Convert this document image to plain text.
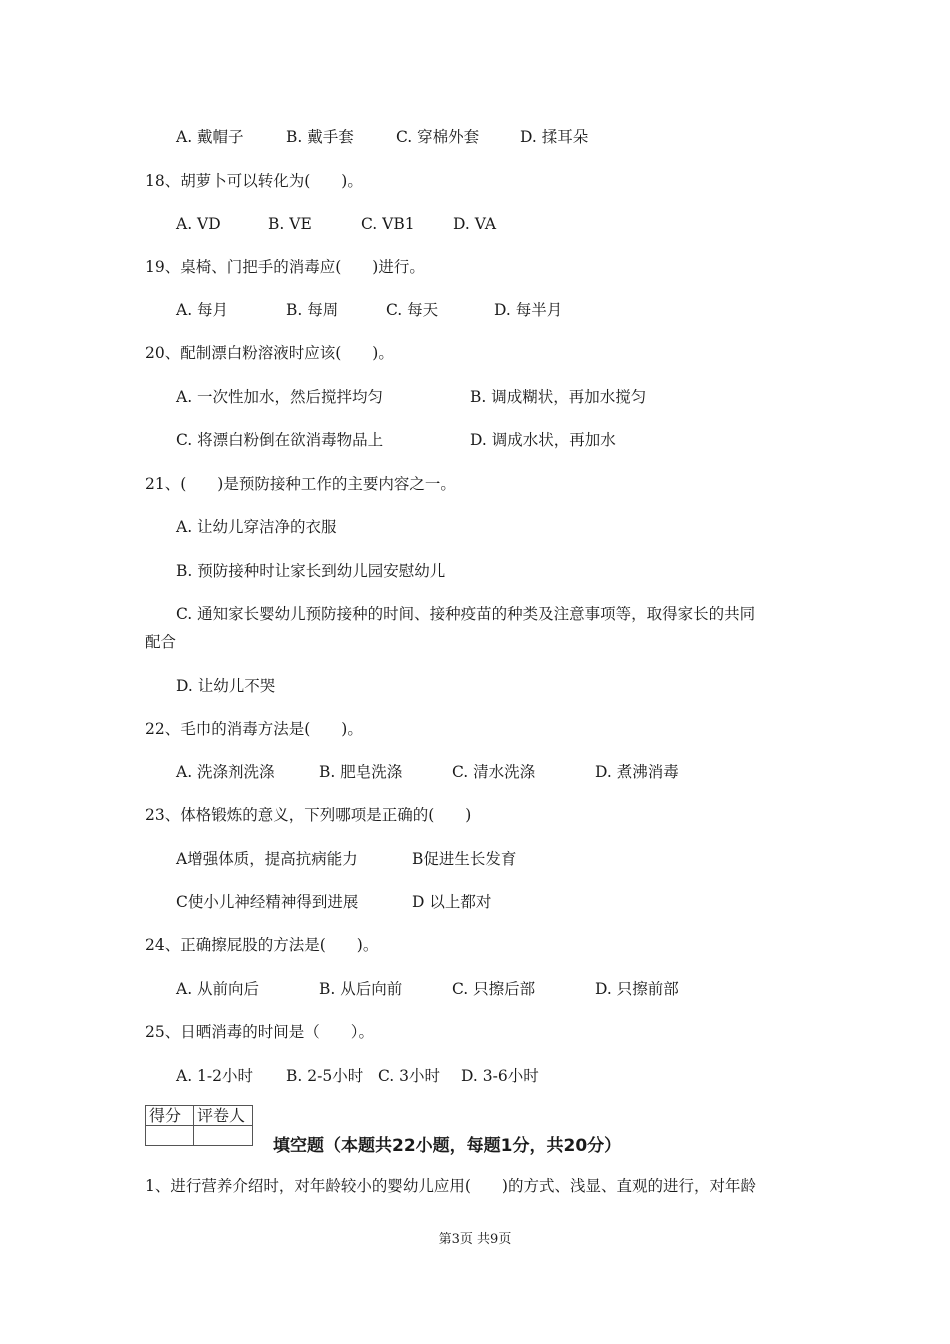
A. 戴帽子	B. 戴手套	C. 穿棉外套	D. 揉耳朵
18、胡萝卜可以转化为(　　)。
A. VD	B. VE	C. VB1 D. VA
19、桌椅、门把手的消毒应(　　)进行。
A. 每月	B. 每周	C. 每天	D. 每半月
20、配制漂白粉溶液时应该(　　)。
A. 一次性加水，然后搅拌均匀	B. 调成糊状，再加水搅匀
C. 将漂白粉倒在欲消毒物品上	D. 调成水状，再加水
21、(　　)是预防接种工作的主要内容之一。
A. 让幼儿穿洁净的衣服
B. 预防接种时让家长到幼儿园安慰幼儿
C. 通知家长婴幼儿预防接种的时间、接种疫苗的种类及注意事项等，取得家长的共同
配合
D. 让幼儿不哭
22、毛巾的消毒方法是(　　)。
A. 洗涤剂洗涤	B. 肥皂洗涤	C. 清水洗涤	D. 煮沸消毒
23、体格锻炼的意义，下列哪项是正确的(　　)
A增强体质，提高抗病能力	B促进生长发育
C使小儿神经精神得到进展	D 以上都对
24、正确擦屁股的方法是(　　)。
A. 从前向后	B. 从后向前	C. 只擦后部	D. 只擦前部
25、日晒消毒的时间是（　　）。
A. 1-2小时 B. 2-5小时 C. 3小时 D. 3-6小时
得分	评卷人

填空题（本题共22小题，每题1分，共20分）
1、进行营养介绍时，对年龄较小的婴幼儿应用(　　)的方式、浅显、直观的进行，对年龄
第3页 共9页
